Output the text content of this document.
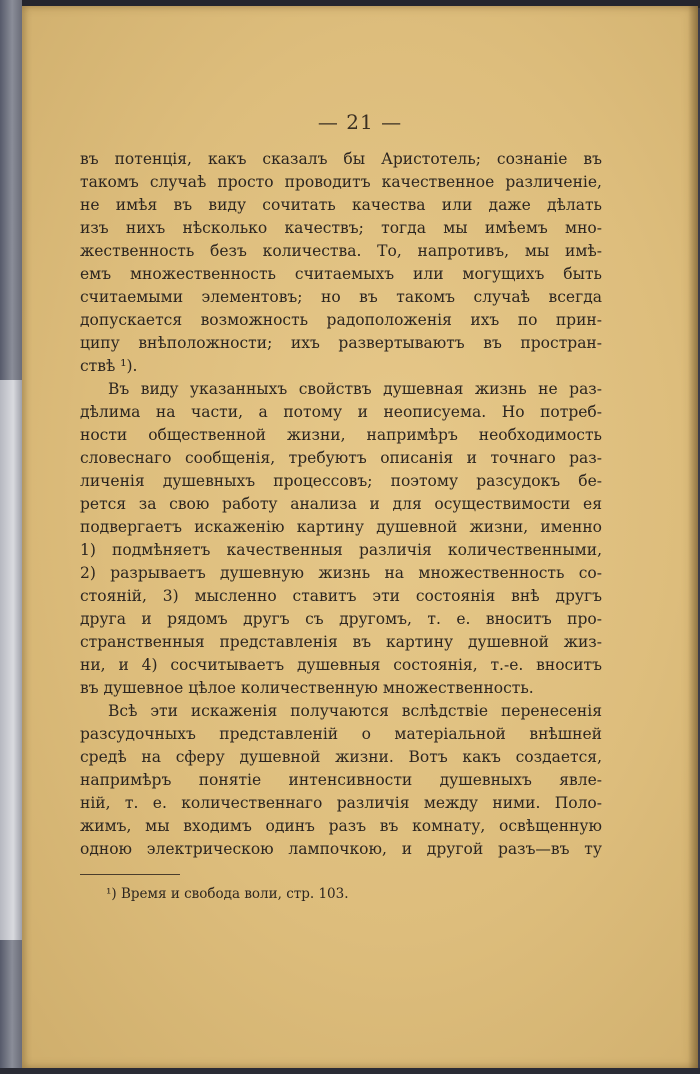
— 21 —
въ потенція, какъ сказалъ бы Аристотель; сознаніе въ
такомъ случаѣ просто проводитъ качественное различеніе,
не имѣя въ виду сочитать качества или даже дѣлать
изъ нихъ нѣсколько качествъ; тогда мы имѣемъ мно-
жественность безъ количества. То, напротивъ, мы имѣ-
емъ множественность считаемыхъ или могущихъ быть
считаемыми элементовъ; но въ такомъ случаѣ всегда
допускается возможность радоположенія ихъ по прин-
ципу внѣположности; ихъ развертываютъ въ простран-
ствѣ ¹).
Въ виду указанныхъ свойствъ душевная жизнь не раз-
дѣлима на части, а потому и неописуема. Но потреб-
ности общественной жизни, напримѣръ необходимость
словеснаго сообщенія, требуютъ описанія и точнаго раз-
личенія душевныхъ процессовъ; поэтому разсудокъ бе-
рется за свою работу анализа и для осуществимости ея
подвергаетъ искаженію картину душевной жизни, именно
1) подмѣняетъ качественныя различія количественными,
2) разрываетъ душевную жизнь на множественность со-
стояній, 3) мысленно ставитъ эти состоянія внѣ другъ
друга и рядомъ другъ съ другомъ, т. е. вноситъ про-
странственныя представленія въ картину душевной жиз-
ни, и 4) сосчитываетъ душевныя состоянія, т.-е. вноситъ
въ душевное цѣлое количественную множественность.
Всѣ эти искаженія получаются вслѣдствіе перенесенія
разсудочныхъ представленій о матеріальной внѣшней
средѣ на сферу душевной жизни. Вотъ какъ создается,
напримѣръ понятіе интенсивности душевныхъ явле-
ній, т. е. количественнаго различія между ними. Поло-
жимъ, мы входимъ одинъ разъ въ комнату, освѣщенную
одною электрическою лампочкою, и другой разъ—въ ту
¹) Время и свобода воли, стр. 103.
